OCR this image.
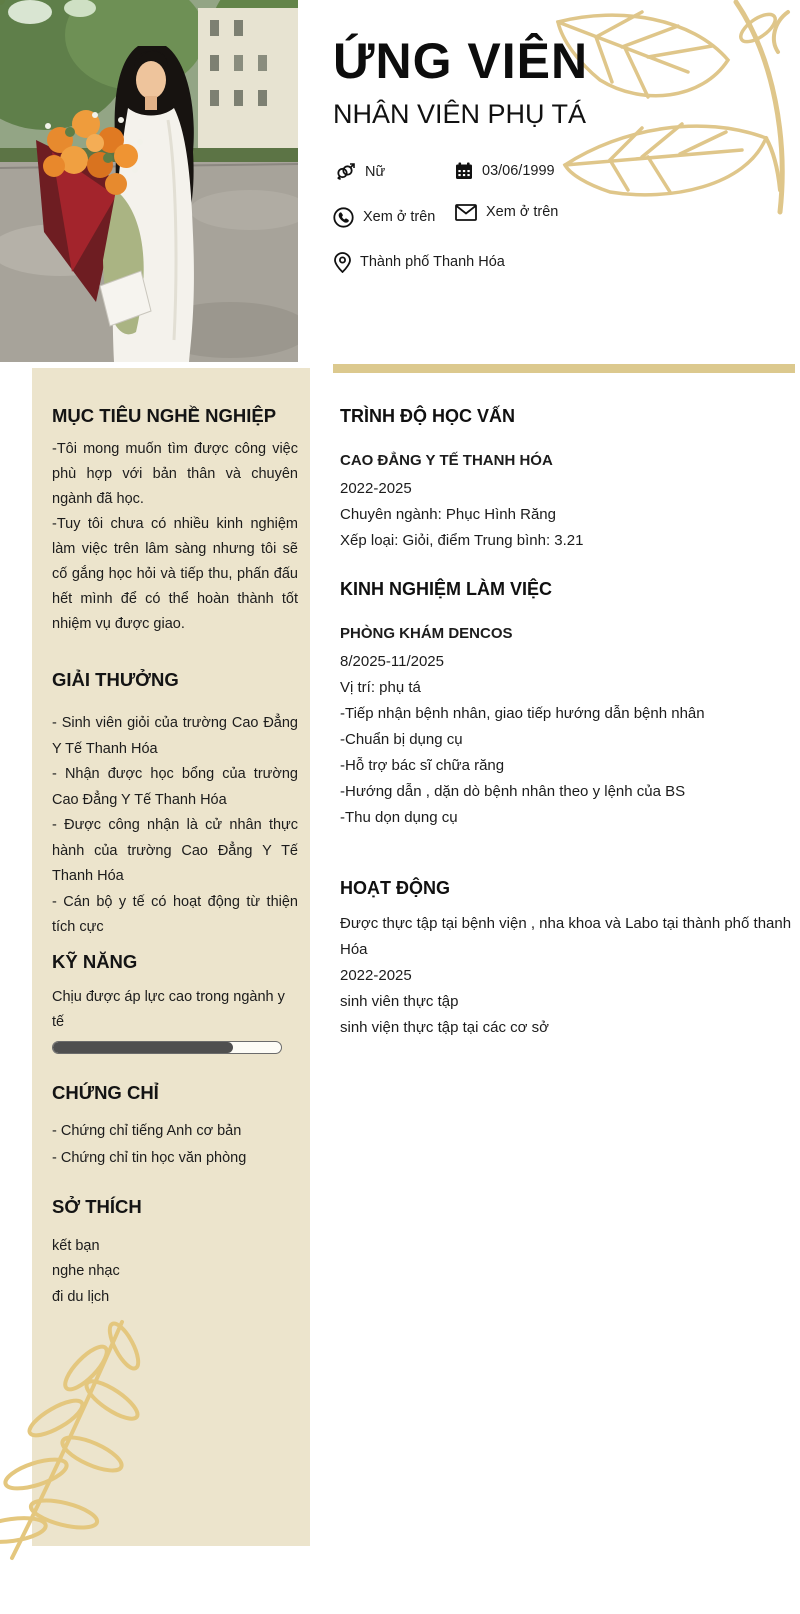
ỨNG VIÊN
NHÂN VIÊN PHỤ TÁ
Nữ	03/06/1999
Xem ở trên	Xem ở trên
Thành phố Thanh Hóa
MỤC TIÊU NGHỀ NGHIỆP

-Tôi mong muốn tìm được công việc phù hợp với bản thân và chuyên ngành đã học.

-Tuy tôi chưa có nhiều kinh nghiệm làm việc trên lâm sàng nhưng tôi sẽ cố gắng học hỏi và tiếp thu, phấn đấu hết mình để có thể hoàn thành tốt nhiệm vụ được giao.

GIẢI THƯỞNG

- Sinh viên giỏi của trường Cao Đẳng Y Tế Thanh Hóa

- Nhận được học bổng của trường Cao Đẳng Y Tế Thanh Hóa

- Được công nhận là cử nhân thực hành của trường Cao Đẳng Y Tế Thanh Hóa

- Cán bộ y tế có hoạt động từ thiện tích cực

KỸ NĂNG

Chịu được áp lực cao trong ngành y tế

CHỨNG CHỈ

- Chứng chỉ tiếng Anh cơ bản

- Chứng chỉ tin học văn phòng

SỞ THÍCH

kết bạn

nghe nhạc

đi du lịch

TRÌNH ĐỘ HỌC VẤN

CAO ĐẲNG Y TẾ THANH HÓA

2022-2025

Chuyên ngành: Phục Hình Răng

Xếp loại: Giỏi, điểm Trung bình: 3.21

KINH NGHIỆM LÀM VIỆC

PHÒNG KHÁM DENCOS

8/2025-11/2025

Vị trí: phụ tá

-Tiếp nhận bệnh nhân, giao tiếp hướng dẫn bệnh nhân

-Chuẩn bị dụng cụ

-Hỗ trợ bác sĩ chữa răng

-Hướng dẫn , dặn dò bệnh nhân theo y lệnh của BS

-Thu dọn dụng cụ

HOẠT ĐỘNG

Được thực tập tại bệnh viện , nha khoa và Labo tại thành phố thanh Hóa

2022-2025

sinh viên thực tập

sinh viện thực tập tại các cơ sở
